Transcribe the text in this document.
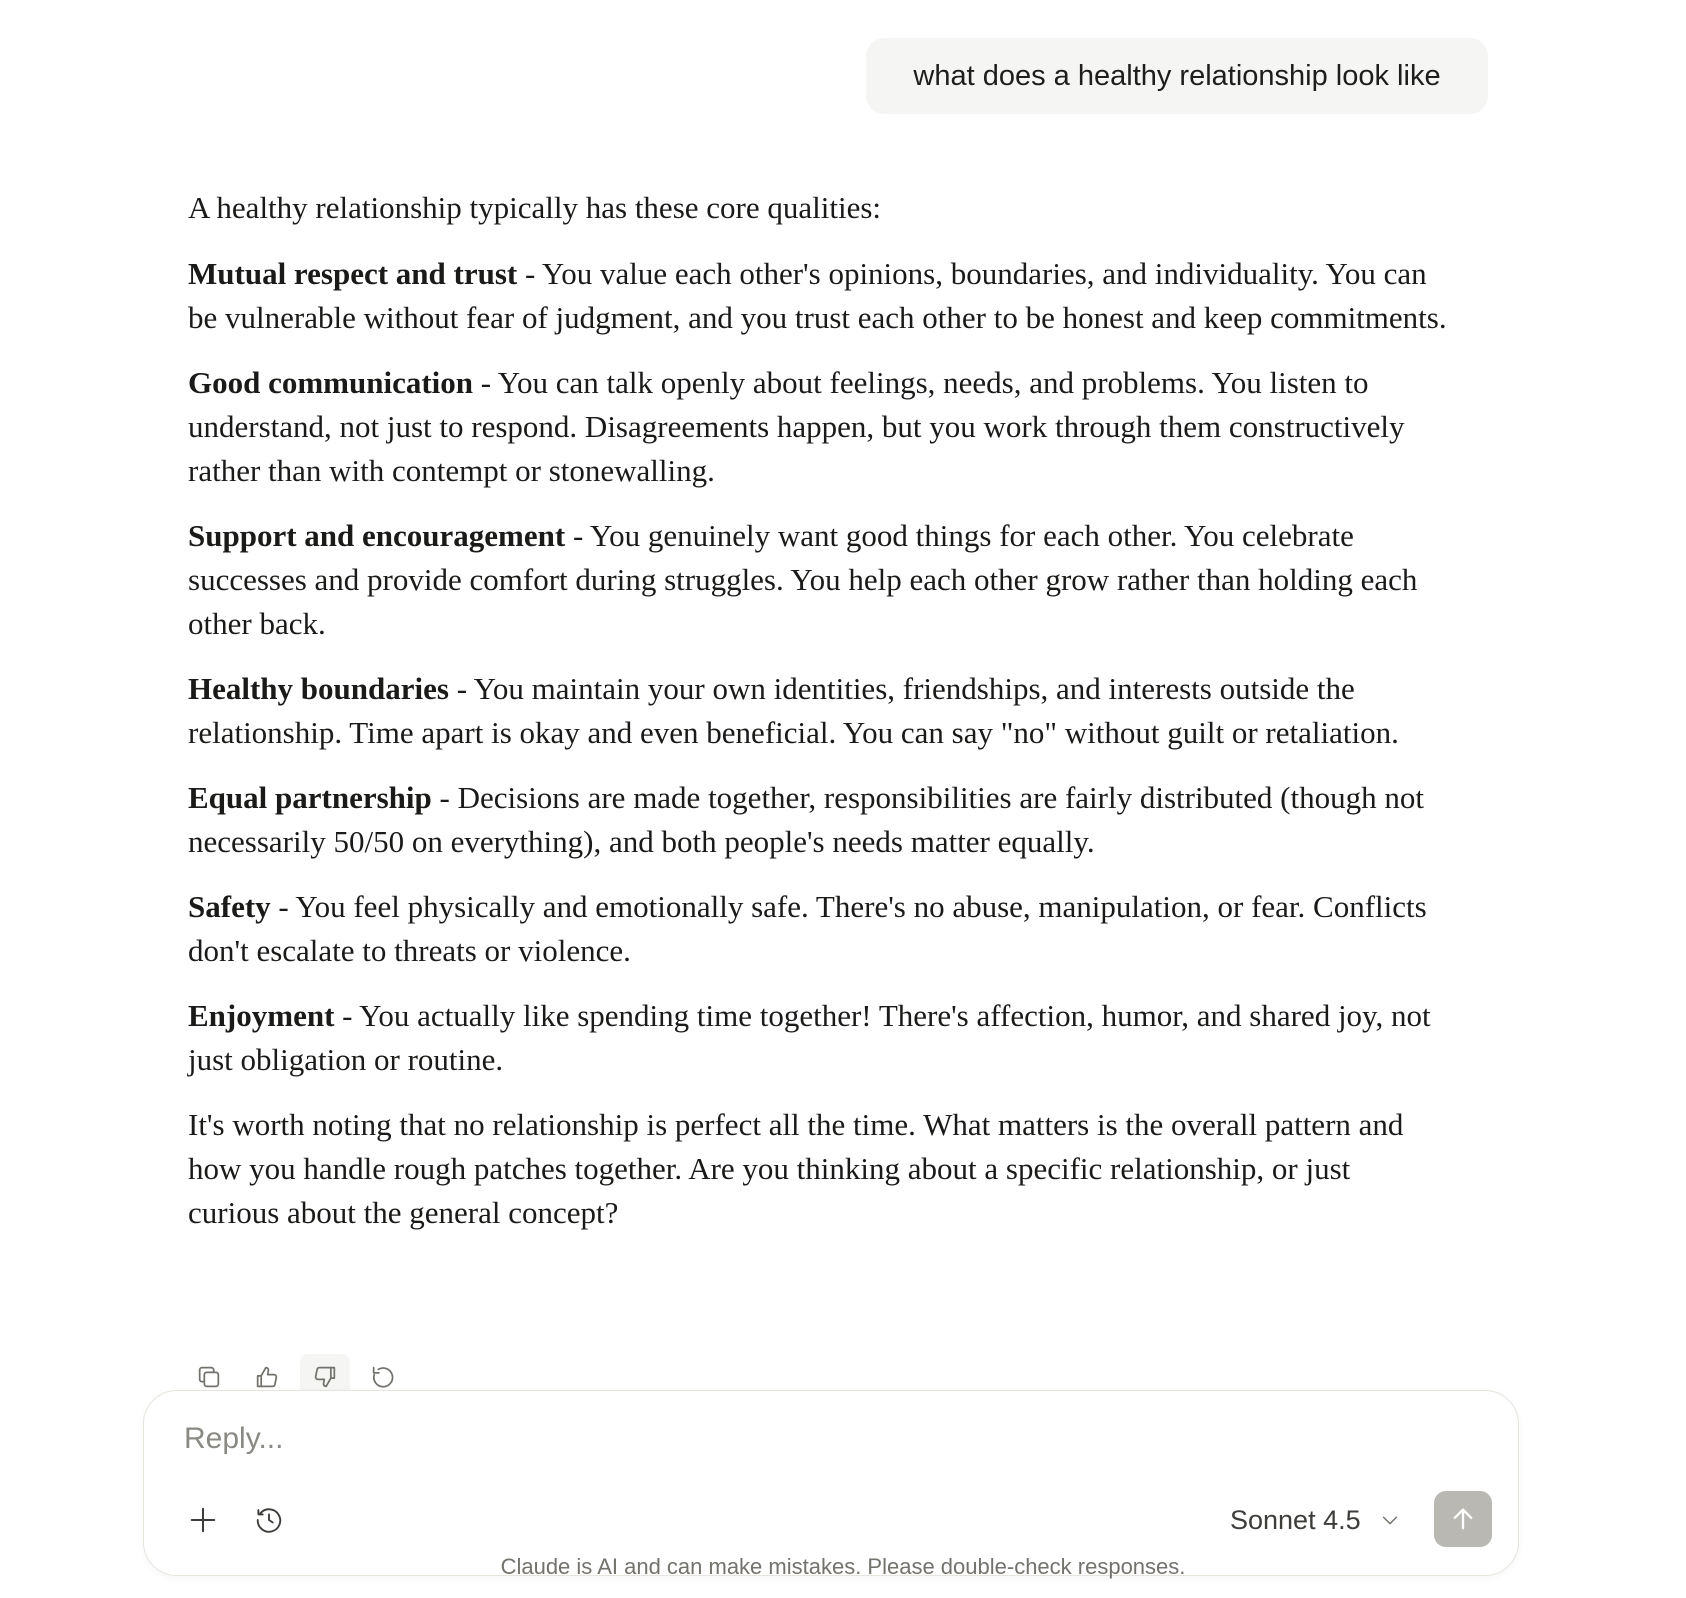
what does a healthy relationship look like

A healthy relationship typically has these core qualities:

Mutual respect and trust - You value each other's opinions, boundaries, and individuality. You can be vulnerable without fear of judgment, and you trust each other to be honest and keep commitments.

Good communication - You can talk openly about feelings, needs, and problems. You listen to understand, not just to respond. Disagreements happen, but you work through them constructively rather than with contempt or stonewalling.

Support and encouragement - You genuinely want good things for each other. You celebrate successes and provide comfort during struggles. You help each other grow rather than holding each other back.

Healthy boundaries - You maintain your own identities, friendships, and interests outside the relationship. Time apart is okay and even beneficial. You can say "no" without guilt or retaliation.

Equal partnership - Decisions are made together, responsibilities are fairly distributed (though not necessarily 50/50 on everything), and both people's needs matter equally.

Safety - You feel physically and emotionally safe. There's no abuse, manipulation, or fear. Conflicts don't escalate to threats or violence.

Enjoyment - You actually like spending time together! There's affection, humor, and shared joy, not just obligation or routine.

It's worth noting that no relationship is perfect all the time. What matters is the overall pattern and how you handle rough patches together. Are you thinking about a specific relationship, or just curious about the general concept?

Reply...
Sonnet 4.5
Claude is AI and can make mistakes. Please double-check responses.
